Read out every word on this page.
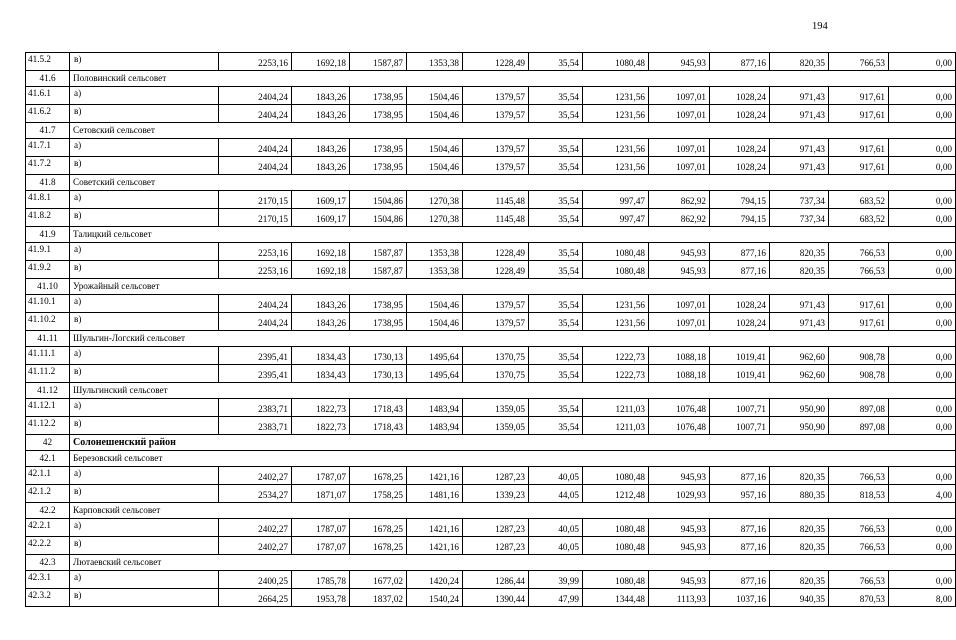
194
41.5.2	в)	2253,16	1692,18	1587,87	1353,38	1228,49	35,54	1080,48	945,93	877,16	820,35	766,53	0,00
41.6	Половинский сельсовет												
41.6.1	а)	2404,24	1843,26	1738,95	1504,46	1379,57	35,54	1231,56	1097,01	1028,24	971,43	917,61	0,00
41.6.2	в)	2404,24	1843,26	1738,95	1504,46	1379,57	35,54	1231,56	1097,01	1028,24	971,43	917,61	0,00
41.7	Сетовский сельсовет												
41.7.1	а)	2404,24	1843,26	1738,95	1504,46	1379,57	35,54	1231,56	1097,01	1028,24	971,43	917,61	0,00
41.7.2	в)	2404,24	1843,26	1738,95	1504,46	1379,57	35,54	1231,56	1097,01	1028,24	971,43	917,61	0,00
41.8	Советский сельсовет												
41.8.1	а)	2170,15	1609,17	1504,86	1270,38	1145,48	35,54	997,47	862,92	794,15	737,34	683,52	0,00
41.8.2	в)	2170,15	1609,17	1504,86	1270,38	1145,48	35,54	997,47	862,92	794,15	737,34	683,52	0,00
41.9	Талицкий сельсовет												
41.9.1	а)	2253,16	1692,18	1587,87	1353,38	1228,49	35,54	1080,48	945,93	877,16	820,35	766,53	0,00
41.9.2	в)	2253,16	1692,18	1587,87	1353,38	1228,49	35,54	1080,48	945,93	877,16	820,35	766,53	0,00
41.10	Урожайный сельсовет												
41.10.1	а)	2404,24	1843,26	1738,95	1504,46	1379,57	35,54	1231,56	1097,01	1028,24	971,43	917,61	0,00
41.10.2	в)	2404,24	1843,26	1738,95	1504,46	1379,57	35,54	1231,56	1097,01	1028,24	971,43	917,61	0,00
41.11	Шульгин-Логский сельсовет												
41.11.1	а)	2395,41	1834,43	1730,13	1495,64	1370,75	35,54	1222,73	1088,18	1019,41	962,60	908,78	0,00
41.11.2	в)	2395,41	1834,43	1730,13	1495,64	1370,75	35,54	1222,73	1088,18	1019,41	962,60	908,78	0,00
41.12	Шульгинский сельсовет												
41.12.1	а)	2383,71	1822,73	1718,43	1483,94	1359,05	35,54	1211,03	1076,48	1007,71	950,90	897,08	0,00
41.12.2	в)	2383,71	1822,73	1718,43	1483,94	1359,05	35,54	1211,03	1076,48	1007,71	950,90	897,08	0,00
42	Солонешенский район												
42.1	Березовский сельсовет												
42.1.1	а)	2402,27	1787,07	1678,25	1421,16	1287,23	40,05	1080,48	945,93	877,16	820,35	766,53	0,00
42.1.2	в)	2534,27	1871,07	1758,25	1481,16	1339,23	44,05	1212,48	1029,93	957,16	880,35	818,53	4,00
42.2	Карповский сельсовет												
42.2.1	а)	2402,27	1787,07	1678,25	1421,16	1287,23	40,05	1080,48	945,93	877,16	820,35	766,53	0,00
42.2.2	в)	2402,27	1787,07	1678,25	1421,16	1287,23	40,05	1080,48	945,93	877,16	820,35	766,53	0,00
42.3	Лютаевский сельсовет												
42.3.1	а)	2400,25	1785,78	1677,02	1420,24	1286,44	39,99	1080,48	945,93	877,16	820,35	766,53	0,00
42.3.2	в)	2664,25	1953,78	1837,02	1540,24	1390,44	47,99	1344,48	1113,93	1037,16	940,35	870,53	8,00
